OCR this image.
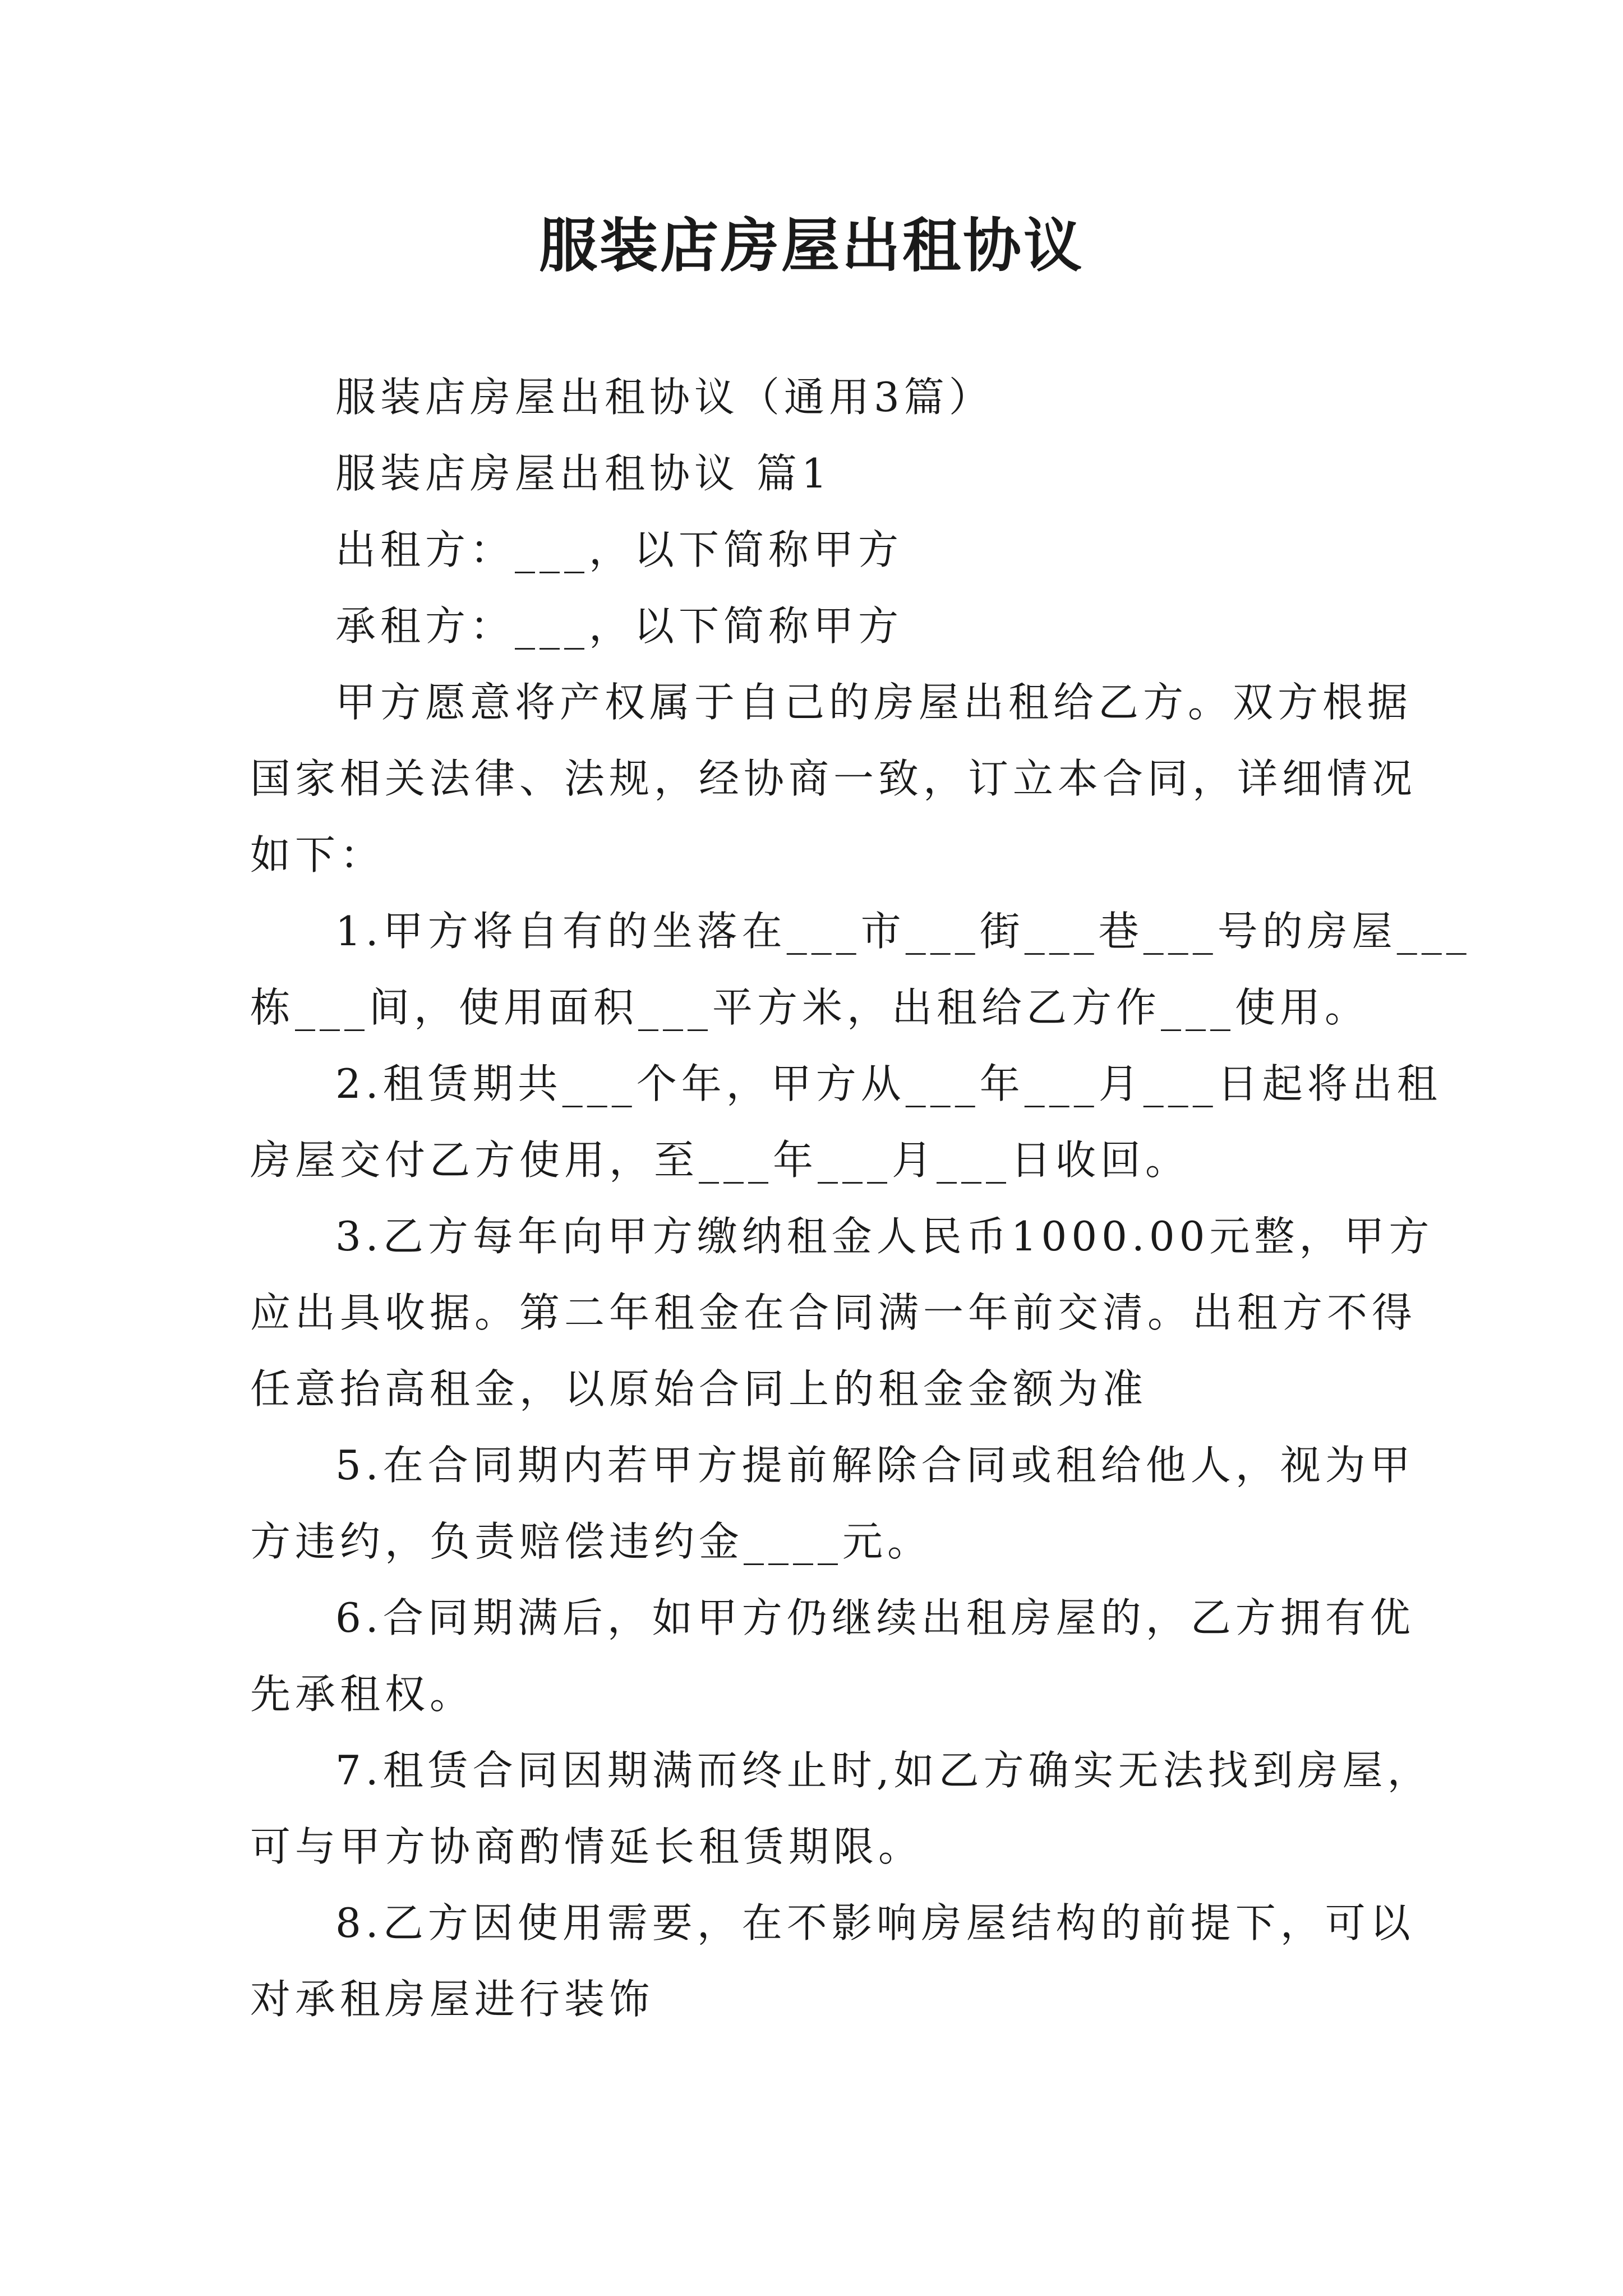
服装店房屋出租协议

服装店房屋出租协议（通用3篇）

服装店房屋出租协议 篇1

出租方：___，以下简称甲方

承租方：___，以下简称甲方

甲方愿意将产权属于自己的房屋出租给乙方。双方根据

国家相关法律、法规，经协商一致，订立本合同，详细情况

如下：

1.甲方将自有的坐落在___市___街___巷___号的房屋___

栋___间，使用面积___平方米，出租给乙方作___使用。

2.租赁期共___个年，甲方从___年___月___日起将出租

房屋交付乙方使用，至___年___月___日收回。

3.乙方每年向甲方缴纳租金人民币1000.00元整，甲方

应出具收据。第二年租金在合同满一年前交清。出租方不得

任意抬高租金，以原始合同上的租金金额为准

5.在合同期内若甲方提前解除合同或租给他人，视为甲

方违约，负责赔偿违约金____元。

6.合同期满后，如甲方仍继续出租房屋的，乙方拥有优

先承租权。

7.租赁合同因期满而终止时,如乙方确实无法找到房屋，

可与甲方协商酌情延长租赁期限。

8.乙方因使用需要，在不影响房屋结构的前提下，可以

对承租房屋进行装饰
